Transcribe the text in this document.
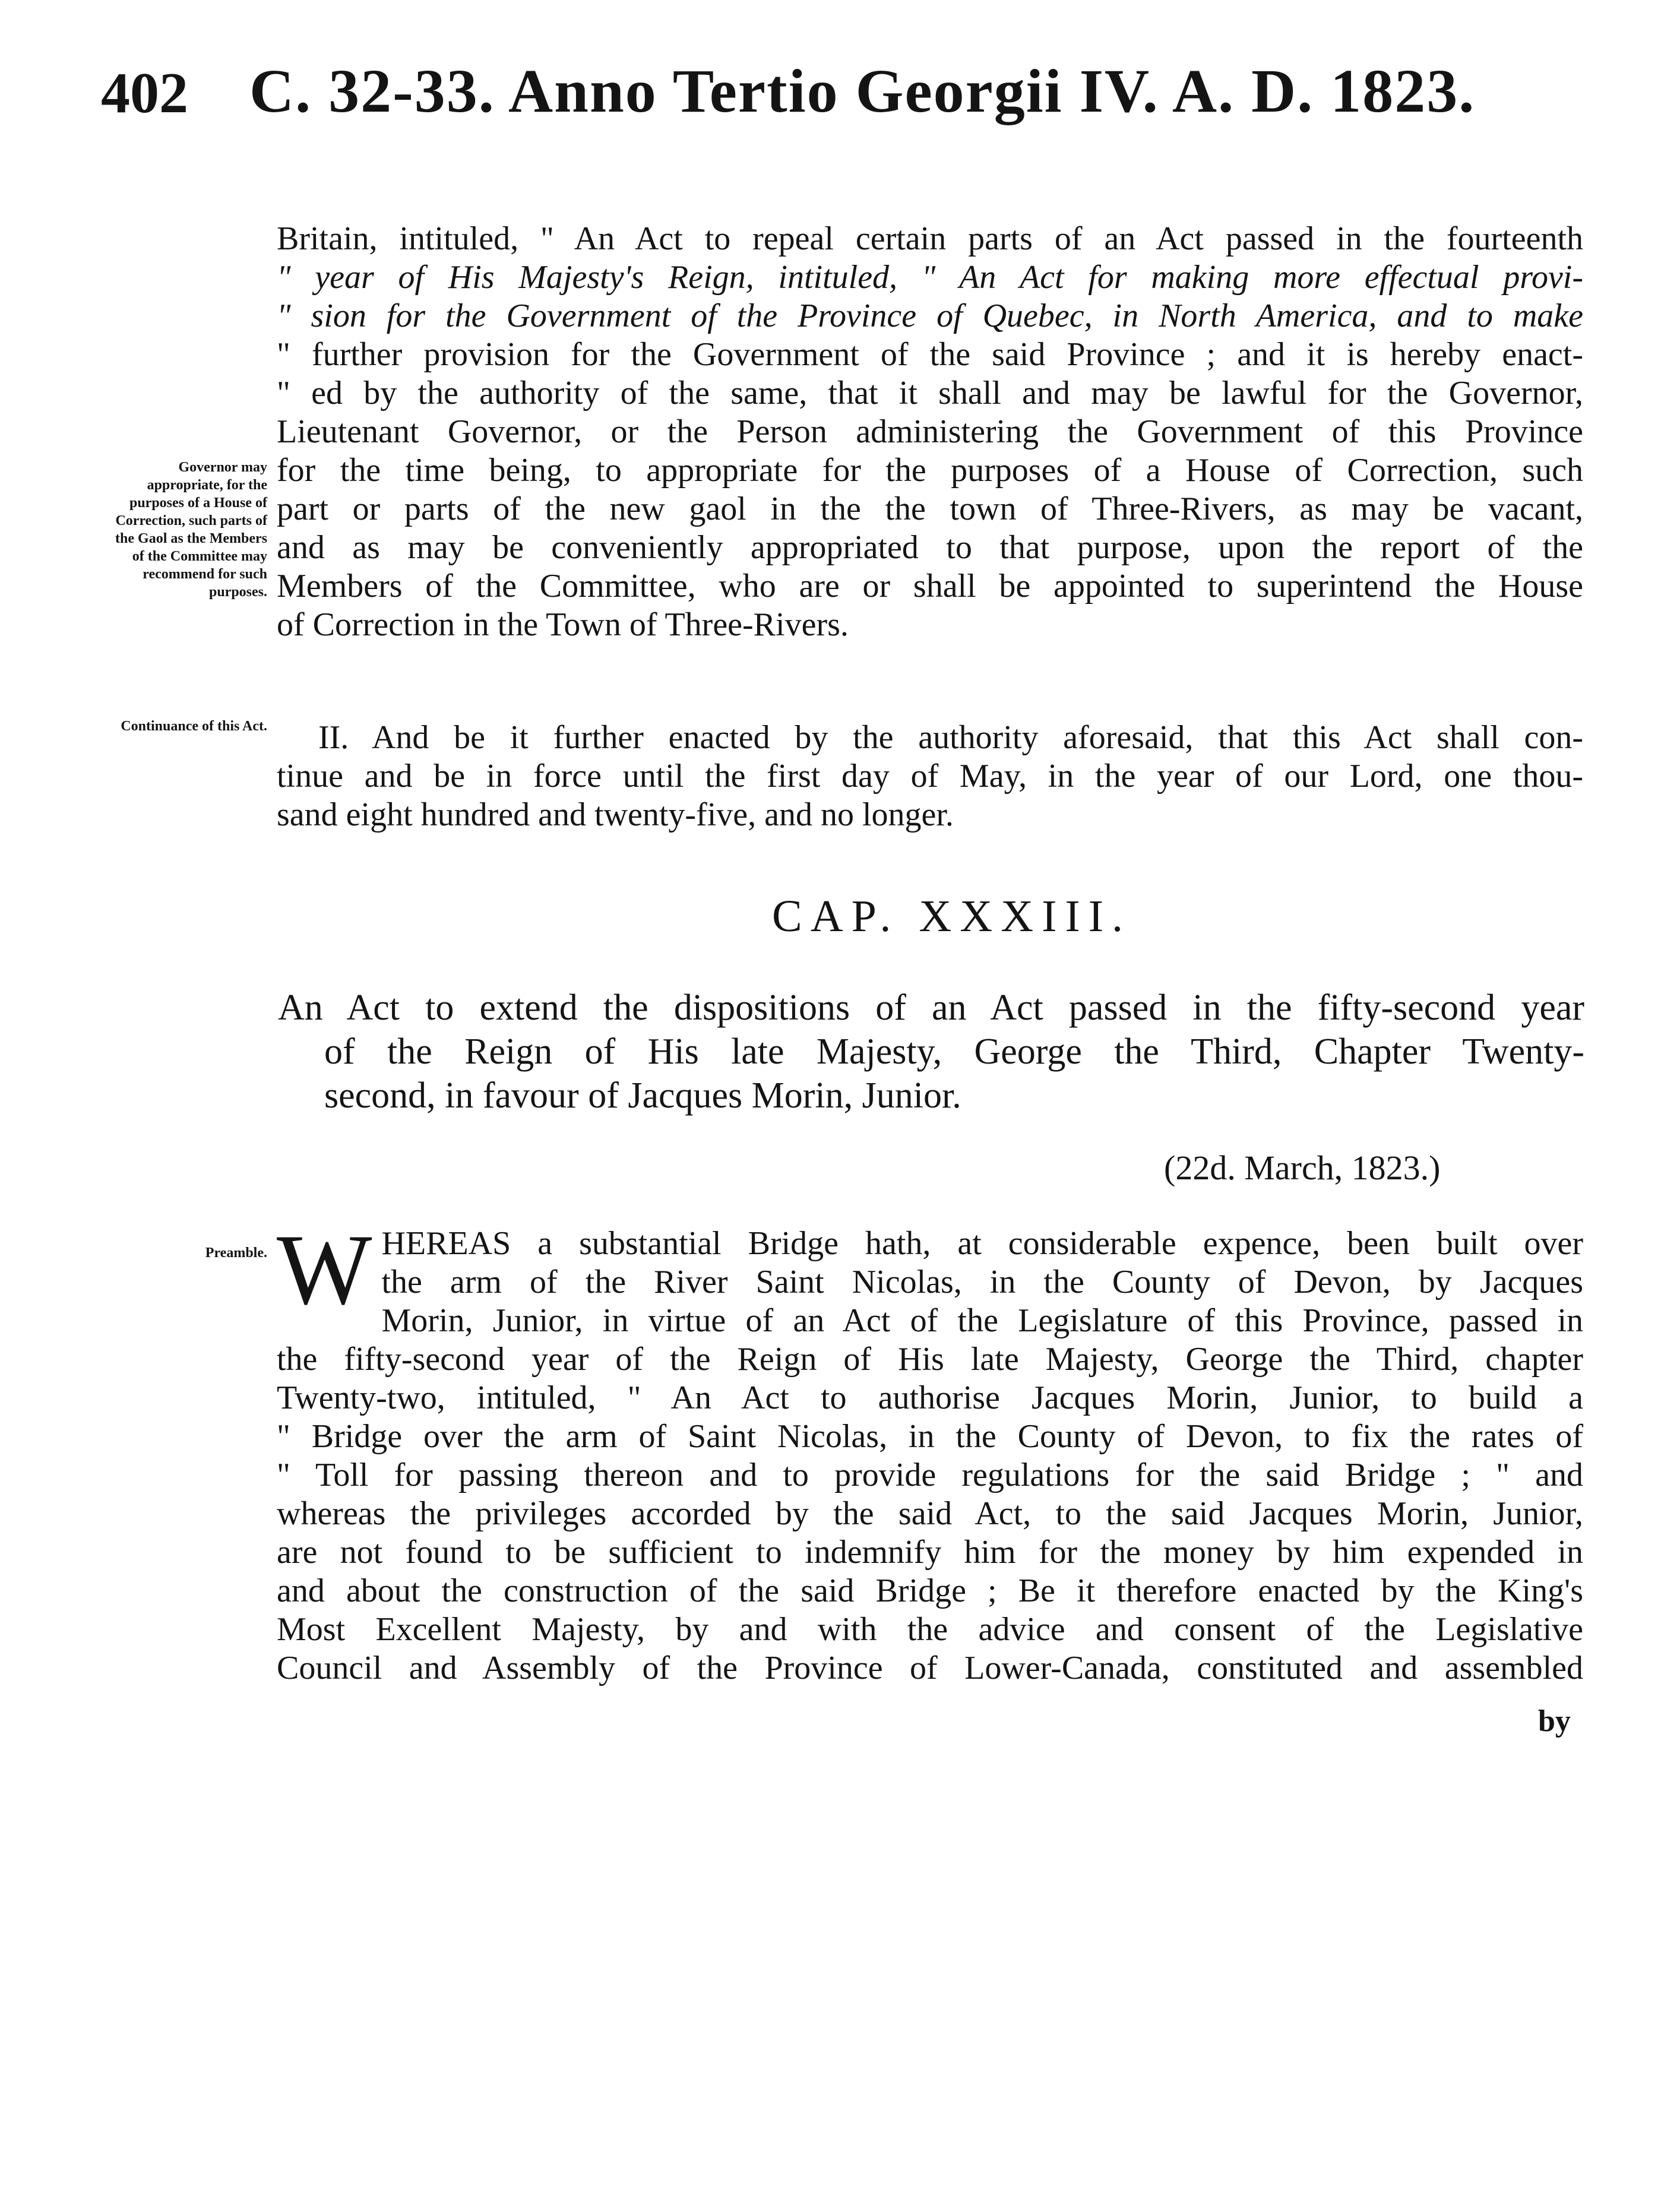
402 C. 32-33. Anno Tertio Georgii IV. A. D. 1823.
Governor may appropriate, for the purposes of a House of Correction, such parts of the Gaol as the Members of the Committee may recommend for such purposes.
Britain, intituled, " An Act to repeal certain parts of an Act passed in the fourteenth
" year of His Majesty's Reign, intituled, " An Act for making more effectual provi-
" sion for the Government of the Province of Quebec, in North America, and to make
" further provision for the Government of the said Province ; and it is hereby enact-
" ed by the authority of the same, that it shall and may be lawful for the Governor,
Lieutenant Governor, or the Person administering the Government of this Province
for the time being, to appropriate for the purposes of a House of Correction, such
part or parts of the new gaol in the the town of Three-Rivers, as may be vacant,
and as may be conveniently appropriated to that purpose, upon the report of the
Members of the Committee, who are or shall be appointed to superintend the House
of Correction in the Town of Three-Rivers.
Continuance of this Act.	II. And be it further enacted by the authority aforesaid, that this Act shall con-
tinue and be in force until the first day of May, in the year of our Lord, one thou-
sand eight hundred and twenty-five, and no longer.
CAP. XXXIII.
An Act to extend the dispositions of an Act passed in the fifty-second year
of the Reign of His late Majesty, George the Third, Chapter Twenty-
second, in favour of Jacques Morin, Junior.
(22d. March, 1823.)
Preamble. W HEREAS a substantial Bridge hath, at considerable expence, been built over
the arm of the River Saint Nicolas, in the County of Devon, by Jacques
Morin, Junior, in virtue of an Act of the Legislature of this Province, passed in
the fifty-second year of the Reign of His late Majesty, George the Third, chapter
Twenty-two, intituled, " An Act to authorise Jacques Morin, Junior, to build a
" Bridge over the arm of Saint Nicolas, in the County of Devon, to fix the rates of
" Toll for passing thereon and to provide regulations for the said Bridge ; " and
whereas the privileges accorded by the said Act, to the said Jacques Morin, Junior,
are not found to be sufficient to indemnify him for the money by him expended in
and about the construction of the said Bridge ; Be it therefore enacted by the King's
Most Excellent Majesty, by and with the advice and consent of the Legislative
Council and Assembly of the Province of Lower-Canada, constituted and assembled
by
